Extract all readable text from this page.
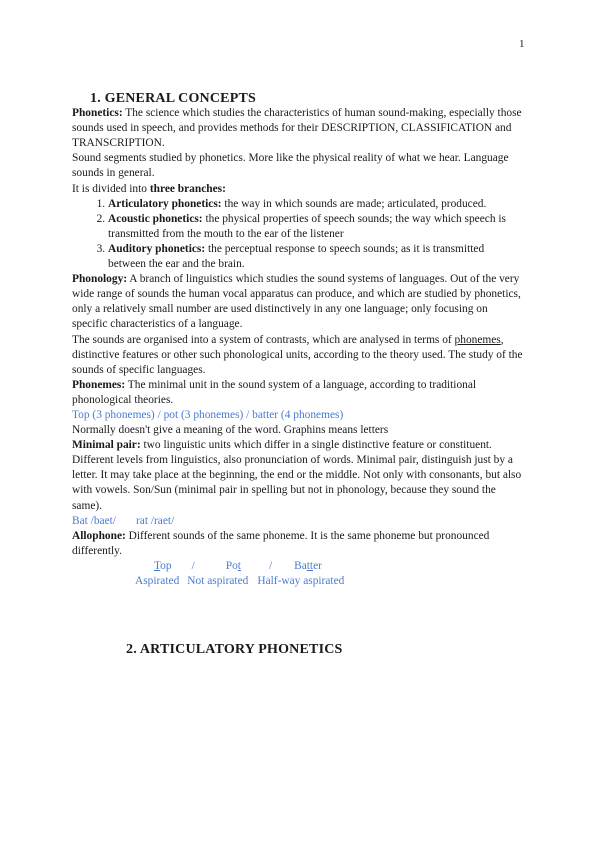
1
1. GENERAL CONCEPTS

Phonetics: The science which studies the characteristics of human sound-making, especially those sounds used in speech, and provides methods for their DESCRIPTION, CLASSIFICATION and TRANSCRIPTION.

Sound segments studied by phonetics. More like the physical reality of what we hear. Language sounds in general.

It is divided into three branches:

1. Articulatory phonetics: the way in which sounds are made; articulated, produced.
2. Acoustic phonetics: the physical properties of speech sounds; the way which speech is transmitted from the mouth to the ear of the listener
3. Auditory phonetics: the perceptual response to speech sounds; as it is transmitted between the ear and the brain.

Phonology: A branch of linguistics which studies the sound systems of languages. Out of the very wide range of sounds the human vocal apparatus can produce, and which are studied by phonetics, only a relatively small number are used distinctively in any one language; only focusing on specific characteristics of a language.

The sounds are organised into a system of contrasts, which are analysed in terms of phonemes, distinctive features or other such phonological units, according to the theory used. The study of the sounds of specific languages.

Phonemes: The minimal unit in the sound system of a language, according to traditional phonological theories.

Top (3 phonemes) / pot (3 phonemes) / batter (4 phonemes)

Normally doesn't give a meaning of the word. Graphins means letters

Minimal pair: two linguistic units which differ in a single distinctive feature or constituent. Different levels from linguistics, also pronunciation of words. Minimal pair, distinguish just by a letter. It may take place at the beginning, the end or the middle. Not only with consonants, but also with vowels. Son/Sun (minimal pair in spelling but not in phonology, because they sound the same).

Bat /baet/ rat /raet/

Allophone: Different sounds of the same phoneme. It is the same phoneme but pronounced differently.

Top /	Pot / Batter

Aspirated Not aspirated Half-way aspirated

2. ARTICULATORY PHONETICS
